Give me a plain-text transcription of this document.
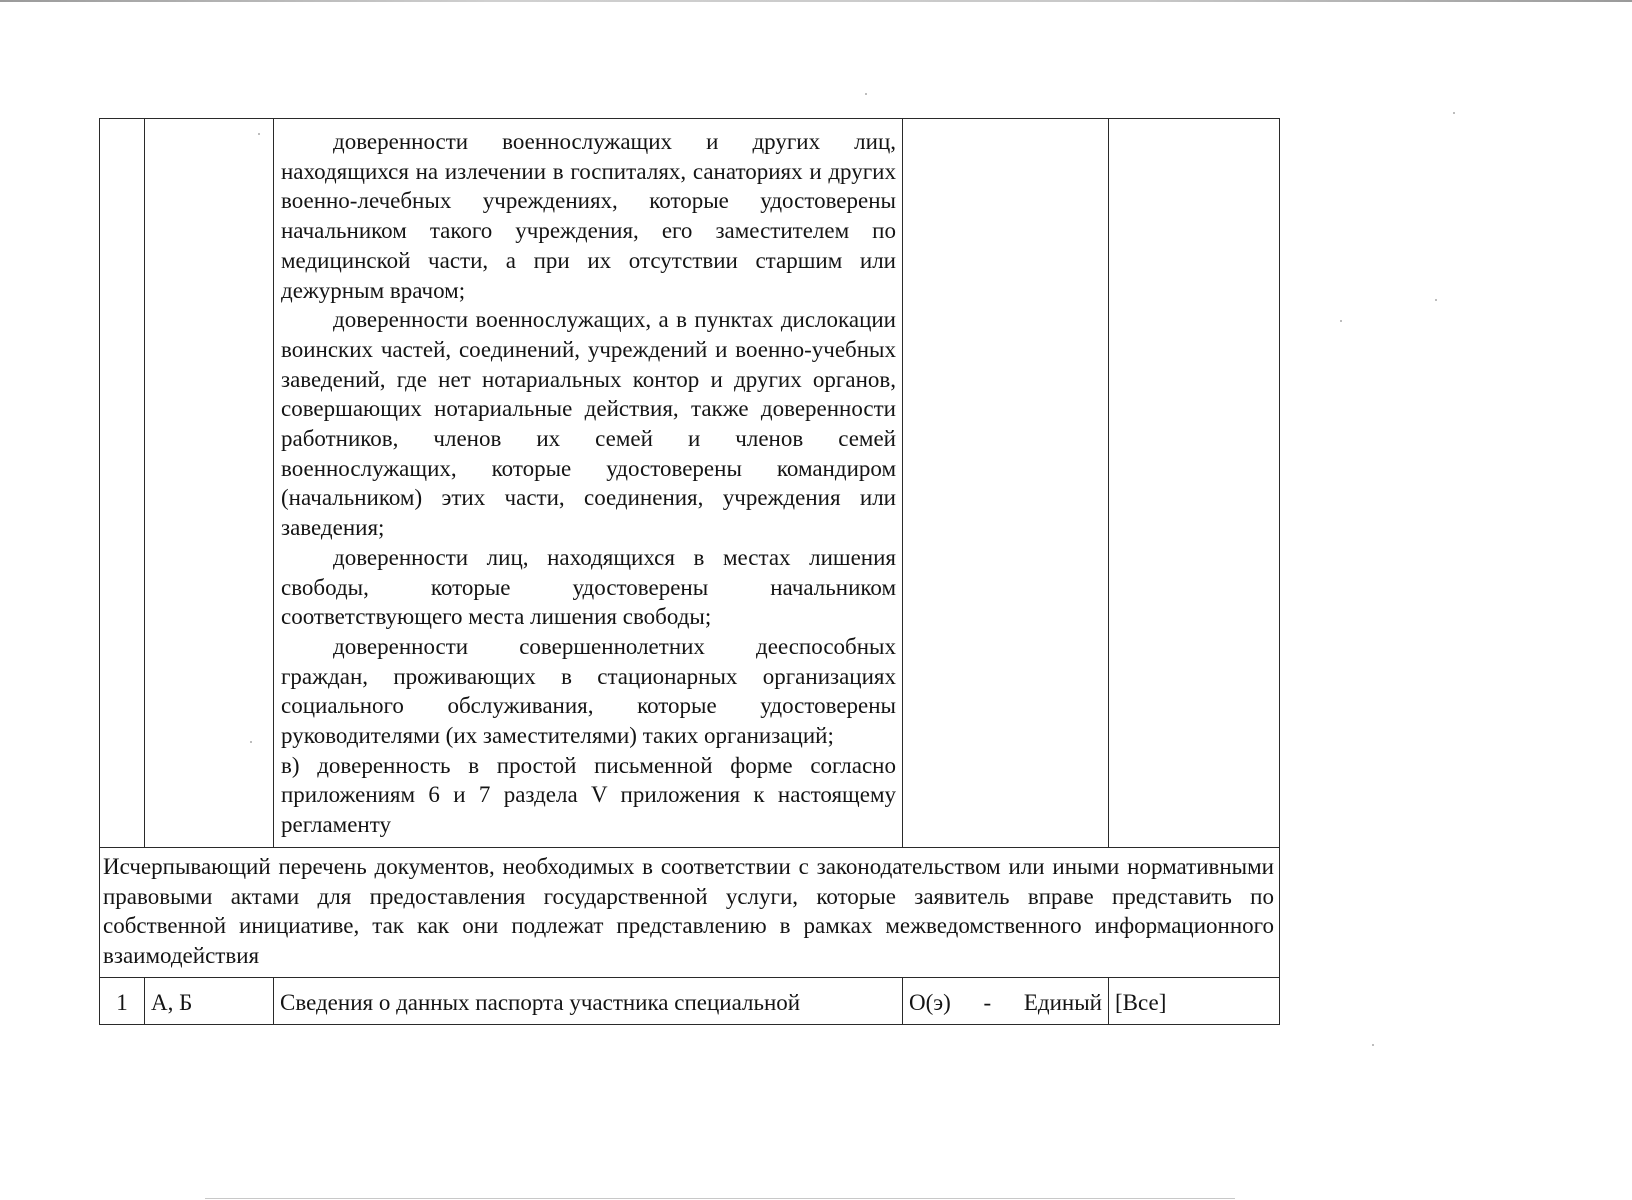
		доверенности военнослужащих и других лиц, находящихся на излечении в госпиталях, санаториях и других военно-лечебных учреждениях, которые удостоверены начальником такого учреждения, его заместителем по медицинской части, а при их отсутствии старшим или дежурным врачом;

доверенности военнослужащих, а в пунктах дислокации воинских частей, соединений, учреждений и военно-учебных заведений, где нет нотариальных контор и других органов, совершающих нотариальные действия, также доверенности работников, членов их семей и членов семей военнослужащих, которые удостоверены командиром (начальником) этих части, соединения, учреждения или заведения;

доверенности лиц, находящихся в местах лишения свободы, которые удостоверены начальником соответствующего места лишения свободы;

доверенности совершеннолетних дееспособных граждан, проживающих в стационарных организациях социального обслуживания, которые удостоверены руководителями (их заместителями) таких организаций;

в) доверенность в простой письменной форме согласно приложениям 6 и 7 раздела V приложения к настоящему регламенту		

Исчерпывающий перечень документов, необходимых в соответствии с законодательством или иными нормативными правовыми актами для предоставления государственной услуги, которые заявитель вправе представить по собственной инициативе, так как они подлежат представлению в рамках межведомственного информационного взаимодействия				
1	А, Б	Сведения о данных паспорта участника специальной	О(э) - Единый	[Все]
